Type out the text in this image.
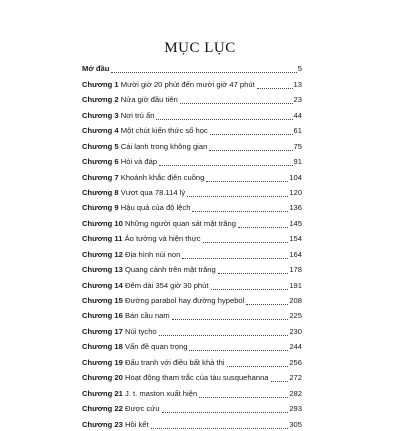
MỤC LỤC
Mở đầu	5
Chương 1 Mười giờ 20 phút đến mười giờ 47 phút	13
Chương 2 Nửa giờ đầu tiên	23
Chương 3 Nơi trú ẩn	44
Chương 4 Một chút kiến thức số học	61
Chương 5 Cái lạnh trong không gian	75
Chương 6 Hỏi và đáp	91
Chương 7 Khoảnh khắc điên cuồng	104
Chương 8 Vượt qua 78.114 lý	120
Chương 9 Hậu quả của độ lệch	136
Chương 10 Những người quan sát mặt trăng	145
Chương 11 Ảo tưởng và hiện thực	154
Chương 12 Địa hình núi non	164
Chương 13 Quang cảnh trên mặt trăng	178
Chương 14 Đêm dài 354 giờ 30 phút	191
Chương 15 Đường parabol hay đường hypebol	208
Chương 16 Bán cầu nam	225
Chương 17 Núi tycho	230
Chương 18 Vấn đề quan trọng	244
Chương 19 Đấu tranh với điều bất khả thi	256
Chương 20 Hoạt động tham trắc của tàu susquehanna	272
Chương 21 J. t. maston xuất hiện	282
Chương 22 Được cứu	293
Chương 23 Hồi kết	305
